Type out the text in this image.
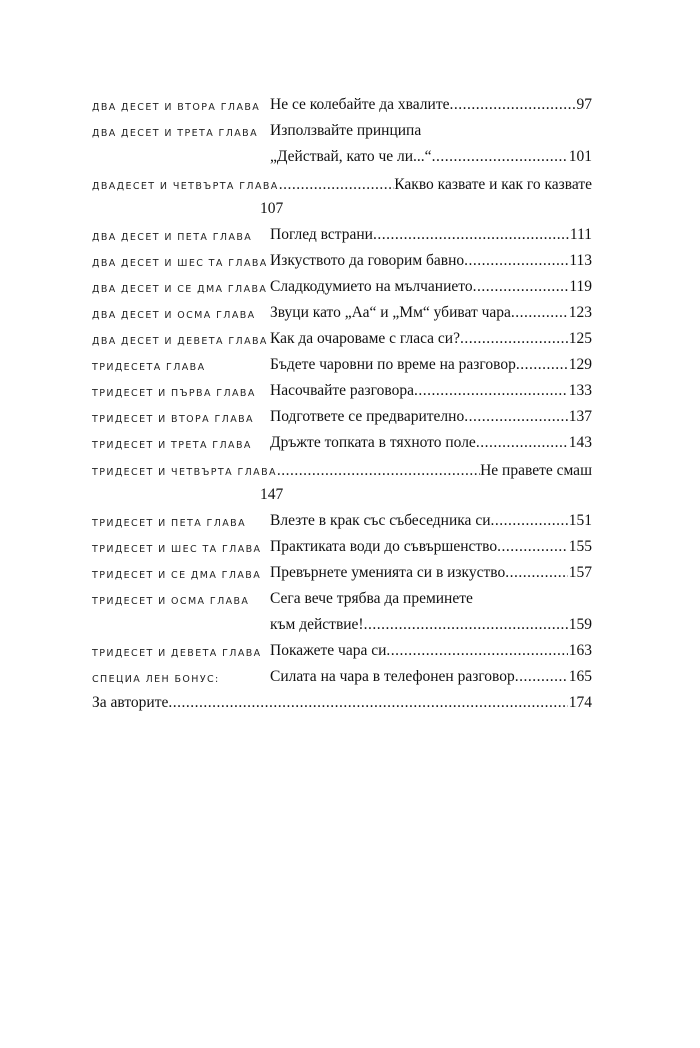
ДВА ДЕСЕТ И ВТОРА ГЛАВА Не се колебайте да хвалите .....	97
ДВА ДЕСЕТ И ТРЕТА ГЛАВА Използвайте принципа
„Действай, като че ли...“ .....	101
ДВАДЕСЕТ И ЧЕТВЪРТА ГЛАВА .....	Какво казвате и как го казвате
107
ДВА ДЕСЕТ И ПЕТА ГЛАВА Поглед встрани .....	111
ДВА ДЕСЕТ И ШЕС ТА ГЛАВА Изкуството да говорим бавно .....	113
ДВА ДЕСЕТ И СЕ ДМА ГЛАВА Сладкодумието на мълчанието .....	119
ДВА ДЕСЕТ И ОСМА ГЛАВА Звуци като „Аа“ и „Мм“ убиват чара .....	123
ДВА ДЕСЕТ И ДЕВЕТА ГЛАВА Как да очароваме с гласа си? .....	125
ТРИДЕСЕТА ГЛАВА	Бъдете чаровни по време на разговор .....	129
ТРИДЕСЕТ И ПЪРВА ГЛАВА Насочвайте разговора .....	133
ТРИДЕСЕТ И ВТОРА ГЛАВА Подгответе се предварително .....	137
ТРИДЕСЕТ И ТРЕТА ГЛАВА Дръжте топката в тяхното поле .....	143
ТРИДЕСЕТ И ЧЕТВЪРТА ГЛАВА .....	Не правете смаш
147
ТРИДЕСЕТ И ПЕТА ГЛАВА Влезте в крак със събеседника си .....	151
ТРИДЕСЕТ И ШЕС ТА ГЛАВА Практиката води до съвършенство .....	155
ТРИДЕСЕТ И СЕ ДМА ГЛАВА Превърнете уменията си в изкуство .....	157
ТРИДЕСЕТ И ОСМА ГЛАВА Сега вече трябва да преминете
към действие! .....	159
ТРИДЕСЕТ И ДЕВЕТА ГЛАВА Покажете чара си .....	163
СПЕЦИА ЛЕН БОНУС:	Силата на чара в телефонен разговор .....	165
За авторите .....	174
